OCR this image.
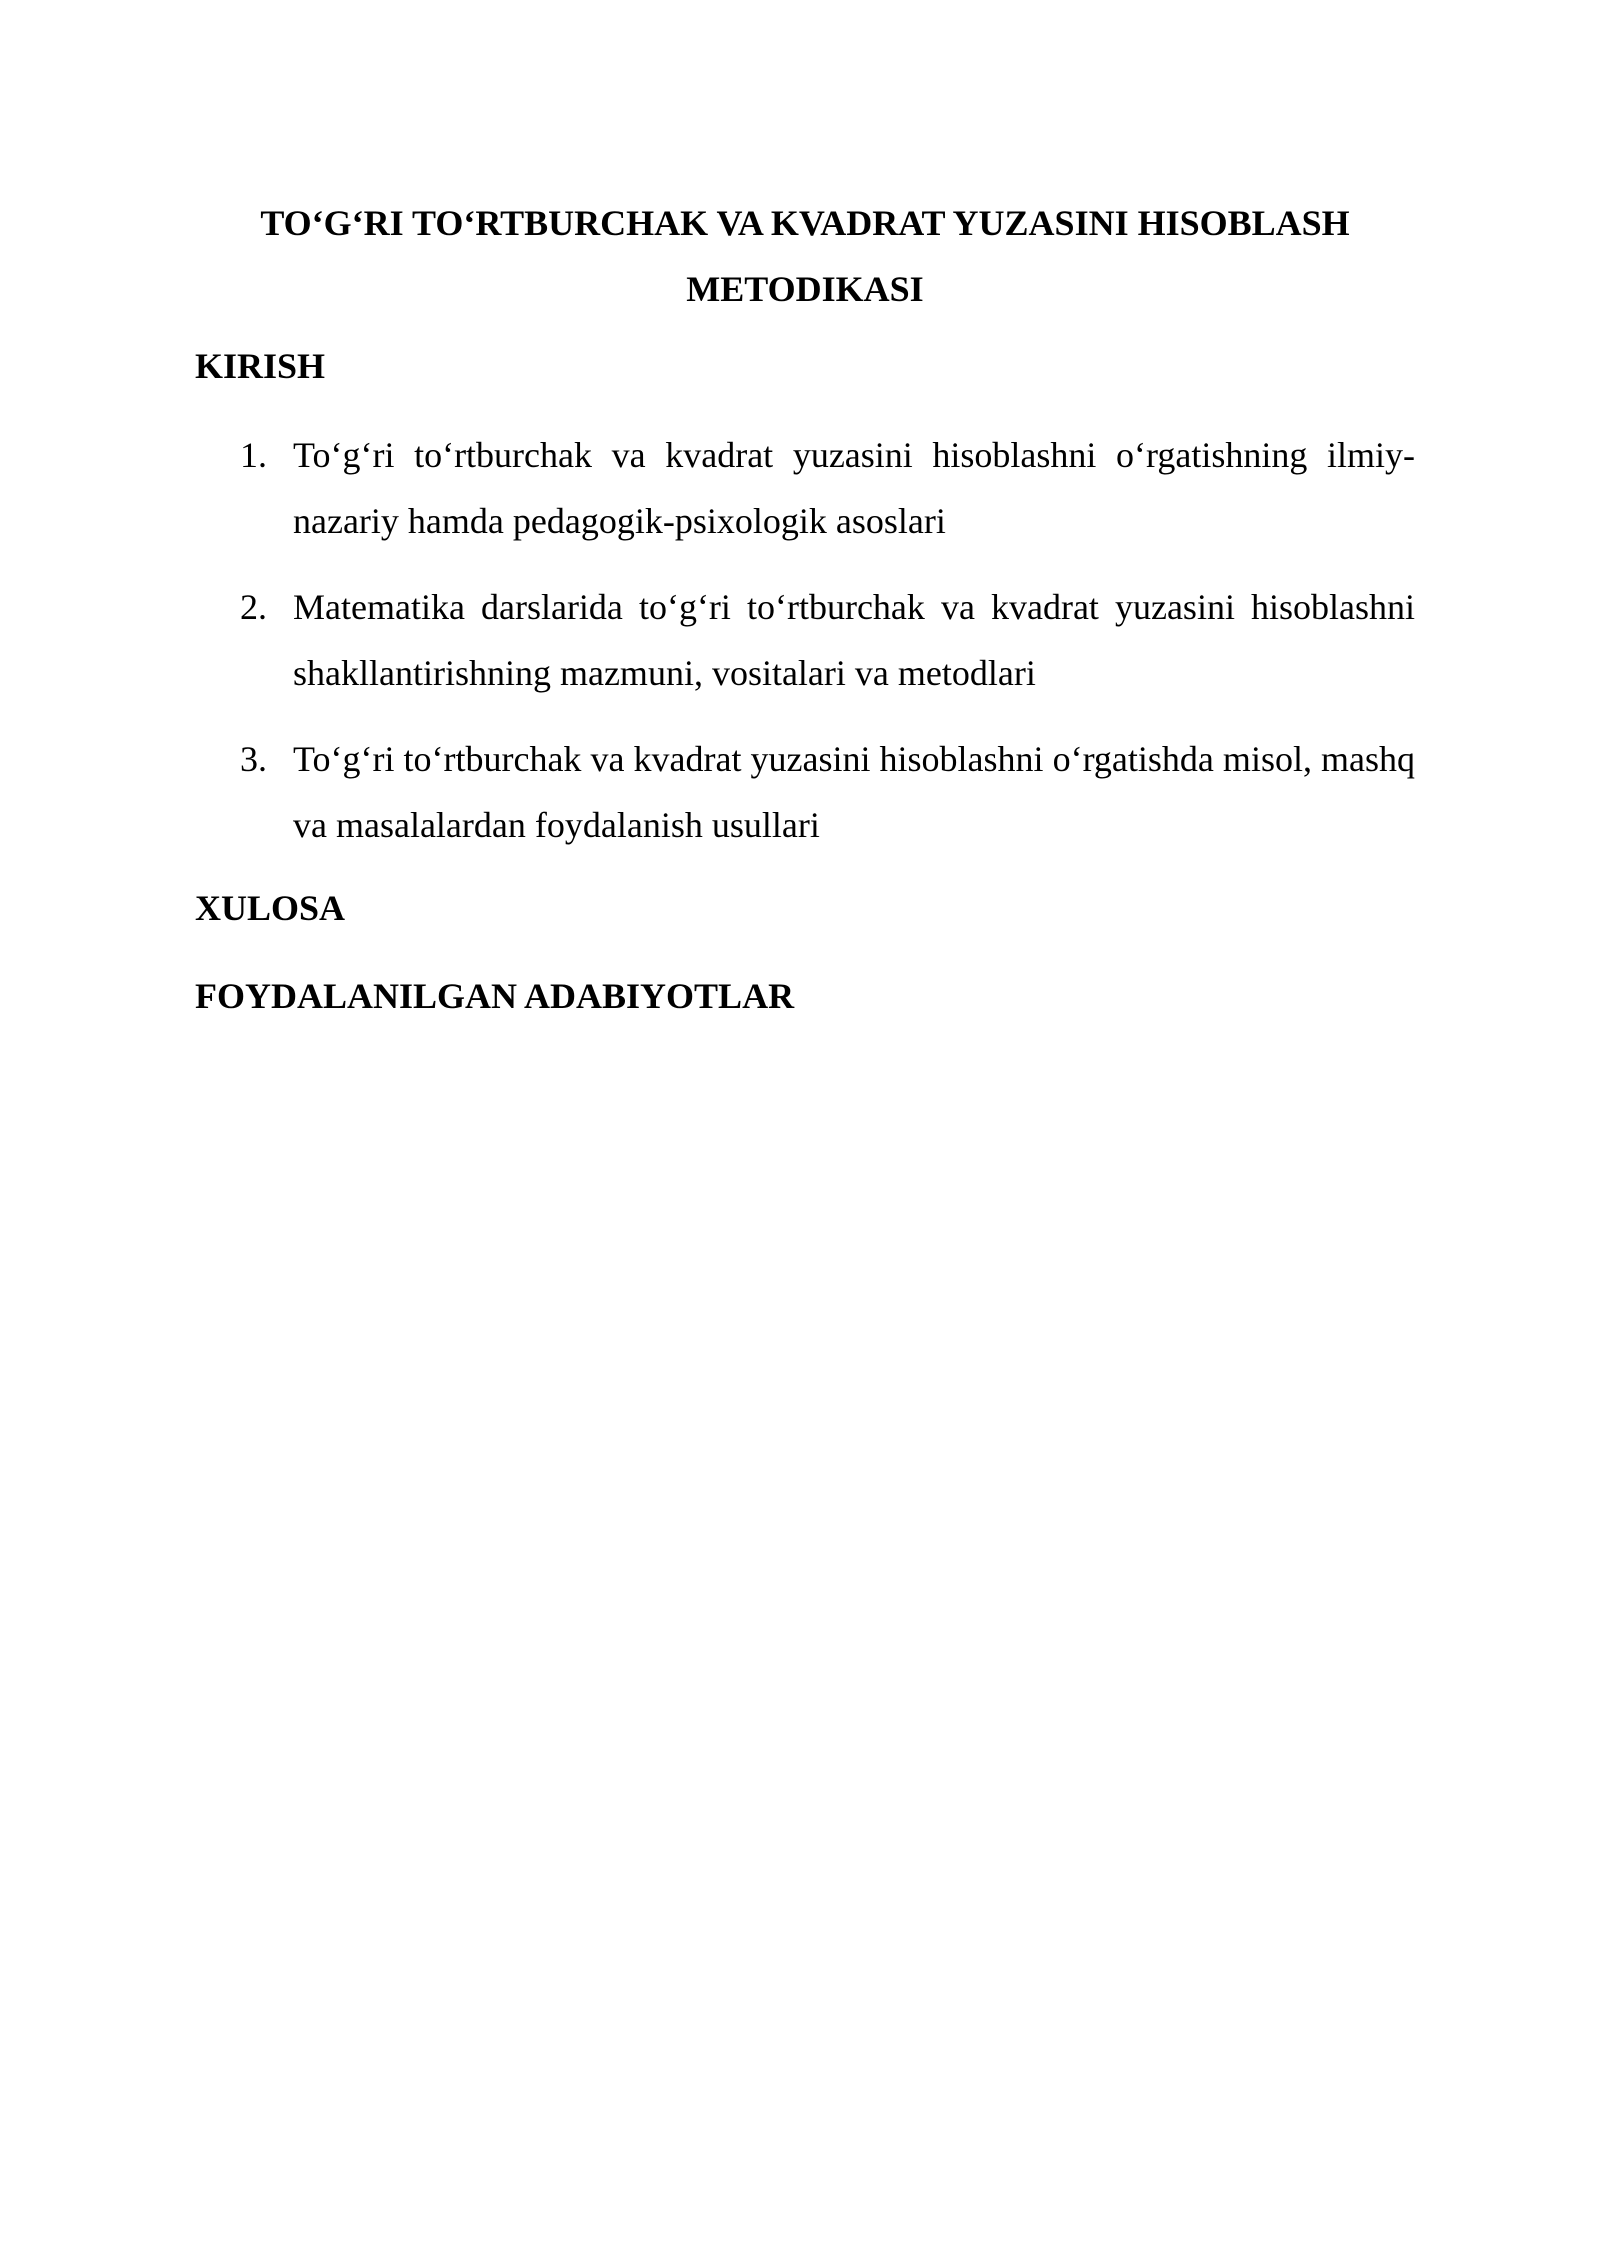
TO‘G‘RI TO‘RTBURCHAK VA KVADRAT YUZASINI HISOBLASH METODIKASI
KIRISH
1. To‘g‘ri to‘rtburchak va kvadrat yuzasini hisoblashni o‘rgatishning ilmiy-nazariy hamda pedagogik-psixologik asoslari
2. Matematika darslarida to‘g‘ri to‘rtburchak va kvadrat yuzasini hisoblashni shakllantirishning mazmuni, vositalari va metodlari
3. To‘g‘ri to‘rtburchak va kvadrat yuzasini hisoblashni o‘rgatishda misol, mashq va masalalardan foydalanish usullari
XULOSA
FOYDALANILGAN ADABIYOTLAR
